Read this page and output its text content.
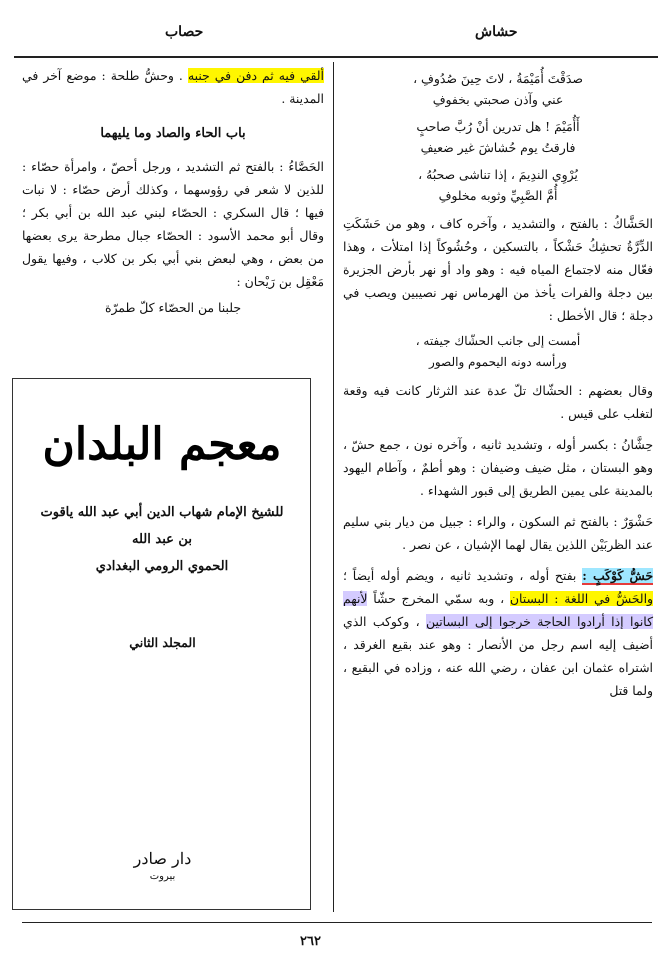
حشاش
حصاب
صدَقْتَ أُمَيْمَةُ ، لاتَ حِينَ صُدُوفِ ،
عني وآذن صحبتي بخفوفِ
أَأُمَيْمَ ! هل تدرين أنْ رُبَّ صاحبٍ
فارقتُ يوم حُشاشَ غير ضعيفِ
يُرْوِي الندِيمَ ، إذا تناشى صحبُهُ ،
أُمَّ الصَّبِيِّ وثوبه مخلوفِ

الحَشَّاكُ : بالفتح ، والتشديد ، وآخره كاف ، وهو من حَشَكَتِ الدِّرَّةُ تحشِكُ حَشْكاً ، بالتسكين ، وحُشُوكاً إذا امتلأت ، وهذا فعّال منه لاجتماع المياه فيه : وهو واد أو نهر بأرض الجزيرة بين دجلة والفرات يأخذ من الهرماس نهر نصيبين ويصب في دجلة ؛ قال الأخطل :

أمست إلى جانب الحشّاك جيفته ،
ورأسه دونه اليحموم والصور

وقال بعضهم : الحشّاك تلّ عدة عند الثرثار كانت فيه وقعة لتغلب على قيس .

حِشَّانُ : بكسر أوله ، وتشديد ثانيه ، وآخره نون ، جمع حشّ ، وهو البستان ، مثل ضيف وضيفان : وهو أطمٌ ، وآطام اليهود بالمدينة على يمين الطريق إلى قبور الشهداء .

حَشْوَرٌ : بالفتح ثم السكون ، والراء : جبيل من ديار بني سليم عند الظربَيْن اللذين يقال لهما الإشيان ، عن نصر .

حَشُّ كَوْكَبٍ : بفتح أوله ، وتشديد ثانيه ، ويضم أوله أيضاً ؛ والحَشُّ في اللغة : البستان ، وبه سمّي المخرج حشّاً لأنهم كانوا إذا أرادوا الحاجة خرجوا إلى البساتين ، وكوكب الذي أضيف إليه اسم رجل من الأنصار : وهو عند بقيع الغرقد ، اشتراه عثمان ابن عفان ، رضي الله عنه ، وزاده في البقيع ، ولما قتل

ألقي فيه ثم دفن في جنبه . وحشُّ طلحة : موضع آخر في المدينة .

باب الحاء والصاد وما يليهما

الحَصَّاءُ : بالفتح ثم التشديد ، ورجل أحصّ ، وامرأة حصّاء : للذين لا شعر في رؤوسهما ، وكذلك أرض حصّاء : لا نبات فيها ؛ قال السكري : الحصّاء لبني عبد الله بن أبي بكر ؛ وقال أبو محمد الأسود : الحصّاء جبال مطرحة يرى بعضها من بعض ، وهي لبعض بني أبي بكر بن كلاب ، وفيها يقول مَعْقِل بن رَيْحان :

جلبنا من الحصّاء كلّ طمرّة
معجم البلدان
للشيخ الإمام شهاب الدين أبي عبد الله ياقوت بن عبد الله
الحموي الرومي البغدادي
المجلد الثاني
دار صادر
بيروت
٢٦٢
